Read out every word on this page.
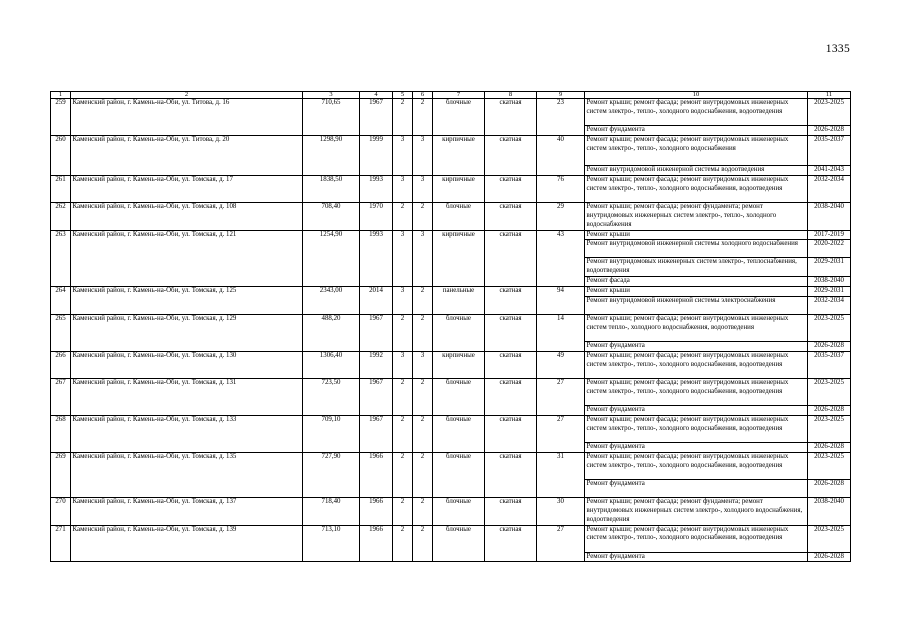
1335
1	2	3	4	5	6	7	8	9	10	11
259	Каменский район, г. Камень-на-Оби, ул. Титова, д. 16	710,65	1967	2	2	блочные	скатная	23	Ремонт крыши; ремонт фасада; ремонт внутридомовых инженерных систем электро-, тепло-, холодного водоснабжения, водоотведения	2023-2025
									Ремонт фундамента	2026-2028
260	Каменский район, г. Камень-на-Оби, ул. Титова, д. 20	1298,90	1999	3	3	кирпичные	скатная	40	Ремонт крыши; ремонт фасада; ремонт внутридомовых инженерных систем электро-, тепло-, холодного водоснабжения	2035-2037
									Ремонт внутридомовой инженерной системы водоотведения	2041-2043
261	Каменский район, г. Камень-на-Оби, ул. Томская, д. 17	1838,50	1993	3	3	кирпичные	скатная	76	Ремонт крыши; ремонт фасада; ремонт внутридомовых инженерных систем электро-, тепло-, холодного водоснабжения, водоотведения	2032-2034
262	Каменский район, г. Камень-на-Оби, ул. Томская, д. 108	708,40	1970	2	2	блочные	скатная	29	Ремонт крыши; ремонт фасада; ремонт фундамента; ремонт внутридомовых инженерных систем электро-, тепло-, холодного водоснабжения	2038-2040
263	Каменский район, г. Камень-на-Оби, ул. Томская, д. 121	1254,90	1993	3	3	кирпичные	скатная	43	Ремонт крыши	2017-2019
									Ремонт внутридомовой инженерной системы холодного водоснабжения	2020-2022
									Ремонт внутридомовых инженерных систем электро-, теплоснабжения, водоотведения	2029-2031
									Ремонт фасада	2038-2040
264	Каменский район, г. Камень-на-Оби, ул. Томская, д. 125	2343,00	2014	3	2	панельные	скатная	94	Ремонт крыши	2029-2031
									Ремонт внутридомовой инженерной системы электроснабжения	2032-2034
265	Каменский район, г. Камень-на-Оби, ул. Томская, д. 129	488,20	1967	2	2	блочные	скатная	14	Ремонт крыши; ремонт фасада; ремонт внутридомовых инженерных систем тепло-, холодного водоснабжения, водоотведения	2023-2025
									Ремонт фундамента	2026-2028
266	Каменский район, г. Камень-на-Оби, ул. Томская, д. 130	1306,40	1992	3	3	кирпичные	скатная	49	Ремонт крыши; ремонт фасада; ремонт внутридомовых инженерных систем электро-, тепло-, холодного водоснабжения, водоотведения	2035-2037
267	Каменский район, г. Камень-на-Оби, ул. Томская, д. 131	723,50	1967	2	2	блочные	скатная	27	Ремонт крыши; ремонт фасада; ремонт внутридомовых инженерных систем электро-, тепло-, холодного водоснабжения, водоотведения	2023-2025
									Ремонт фундамента	2026-2028
268	Каменский район, г. Камень-на-Оби, ул. Томская, д. 133	709,10	1967	2	2	блочные	скатная	27	Ремонт крыши; ремонт фасада; ремонт внутридомовых инженерных систем электро-, тепло-, холодного водоснабжения, водоотведения	2023-2025
									Ремонт фундамента	2026-2028
269	Каменский район, г. Камень-на-Оби, ул. Томская, д. 135	727,90	1966	2	2	блочные	скатная	31	Ремонт крыши; ремонт фасада; ремонт внутридомовых инженерных систем электро-, тепло-, холодного водоснабжения, водоотведения	2023-2025
									Ремонт фундамента	2026-2028
270	Каменский район, г. Камень-на-Оби, ул. Томская, д. 137	718,40	1966	2	2	блочные	скатная	30	Ремонт крыши; ремонт фасада; ремонт фундамента; ремонт внутридомовых инженерных систем электро-, холодного водоснабжения, водоотведения	2038-2040
271	Каменский район, г. Камень-на-Оби, ул. Томская, д. 139	713,10	1966	2	2	блочные	скатная	27	Ремонт крыши; ремонт фасада; ремонт внутридомовых инженерных систем электро-, тепло-, холодного водоснабжения, водоотведения	2023-2025
									Ремонт фундамента	2026-2028
